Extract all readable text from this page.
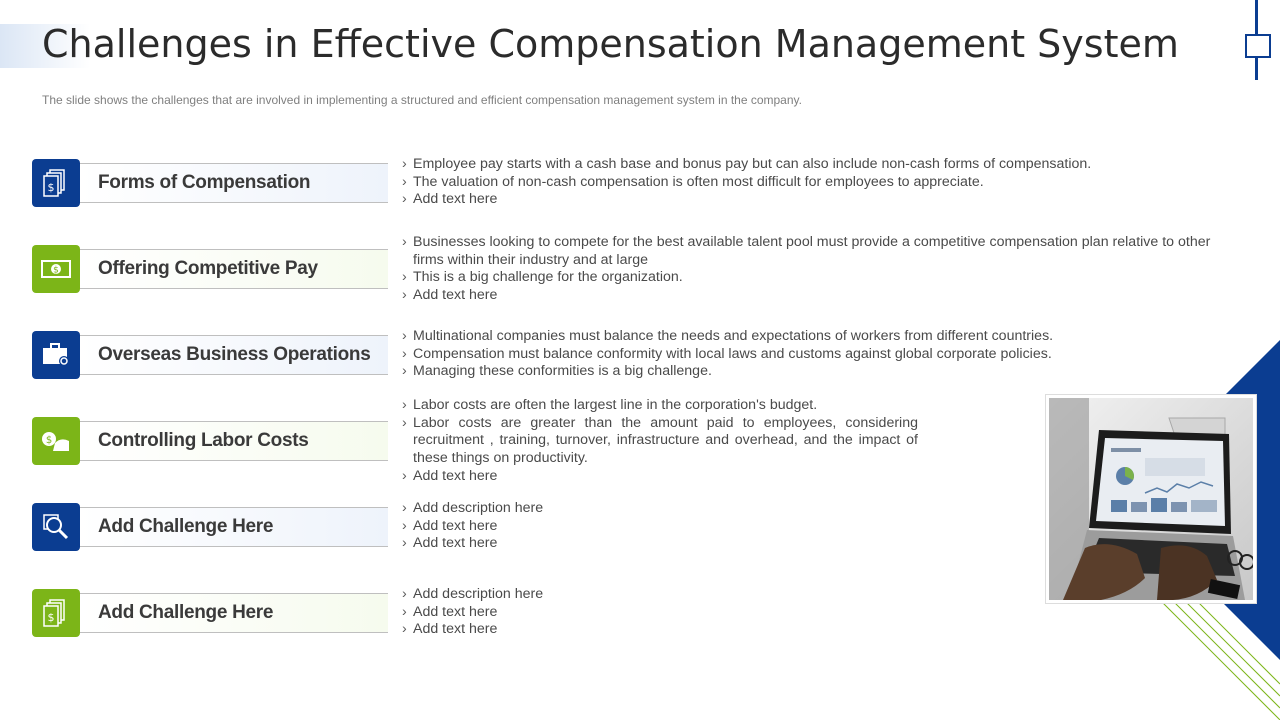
Challenges in Effective Compensation Management System

The slide shows the challenges that are involved in implementing a structured and efficient compensation management system in the company.

$ Forms of Compensation
› Employee pay starts with a cash base and bonus pay but can also include non-cash forms of compensation.
› The valuation of non-cash compensation is often most difficult for employees to appreciate.
› Add text here
$ Offering Competitive Pay
› Businesses looking to compete for the best available talent pool must provide a competitive compensation plan relative to other firms within their industry and at large
› This is a big challenge for the organization.
› Add text here
Overseas Business Operations
› Multinational companies must balance the needs and expectations of workers from different countries.
› Compensation must balance conformity with local laws and customs against global corporate policies.
› Managing these conformities is a big challenge.
$ Controlling Labor Costs
› Labor costs are often the largest line in the corporation's budget.
› Labor costs are greater than the amount paid to employees, considering recruitment , training, turnover, infrastructure and overhead, and the impact of these things on productivity.
› Add text here
Add Challenge Here
› Add description here
› Add text here
› Add text here
$ Add Challenge Here
› Add description here
› Add text here
› Add text here
